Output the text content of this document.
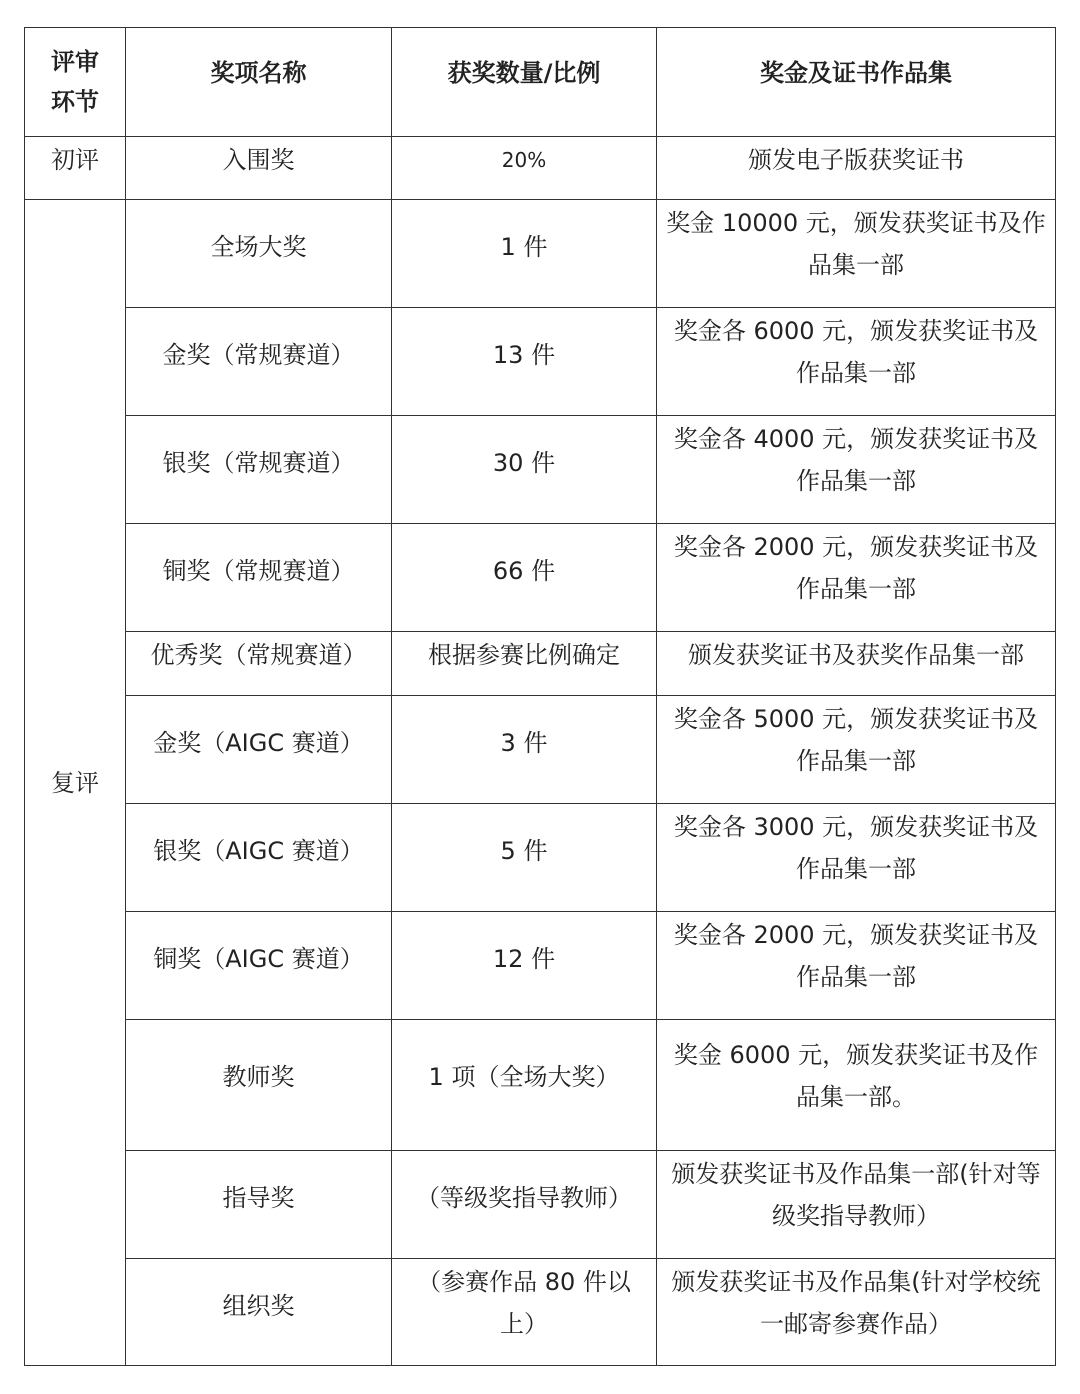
评审环节	奖项名称	获奖数量/比例	奖金及证书作品集
初评	入围奖	20%	颁发电子版获奖证书
复评	全场大奖	1 件	奖金 10000 元，颁发获奖证书及作品集一部
	金奖（常规赛道）	13 件	奖金各 6000 元，颁发获奖证书及作品集一部
	银奖（常规赛道）	30 件	奖金各 4000 元，颁发获奖证书及作品集一部
	铜奖（常规赛道）	66 件	奖金各 2000 元，颁发获奖证书及作品集一部
	优秀奖（常规赛道）	根据参赛比例确定	颁发获奖证书及获奖作品集一部
	金奖（AIGC 赛道）	3 件	奖金各 5000 元，颁发获奖证书及作品集一部
	银奖（AIGC 赛道）	5 件	奖金各 3000 元，颁发获奖证书及作品集一部
	铜奖（AIGC 赛道）	12 件	奖金各 2000 元，颁发获奖证书及作品集一部
	教师奖	1 项（全场大奖）	奖金 6000 元，颁发获奖证书及作品集一部。
	指导奖	（等级奖指导教师）	颁发获奖证书及作品集一部(针对等级奖指导教师）
	组织奖	（参赛作品 80 件以上）	颁发获奖证书及作品集(针对学校统一邮寄参赛作品）
